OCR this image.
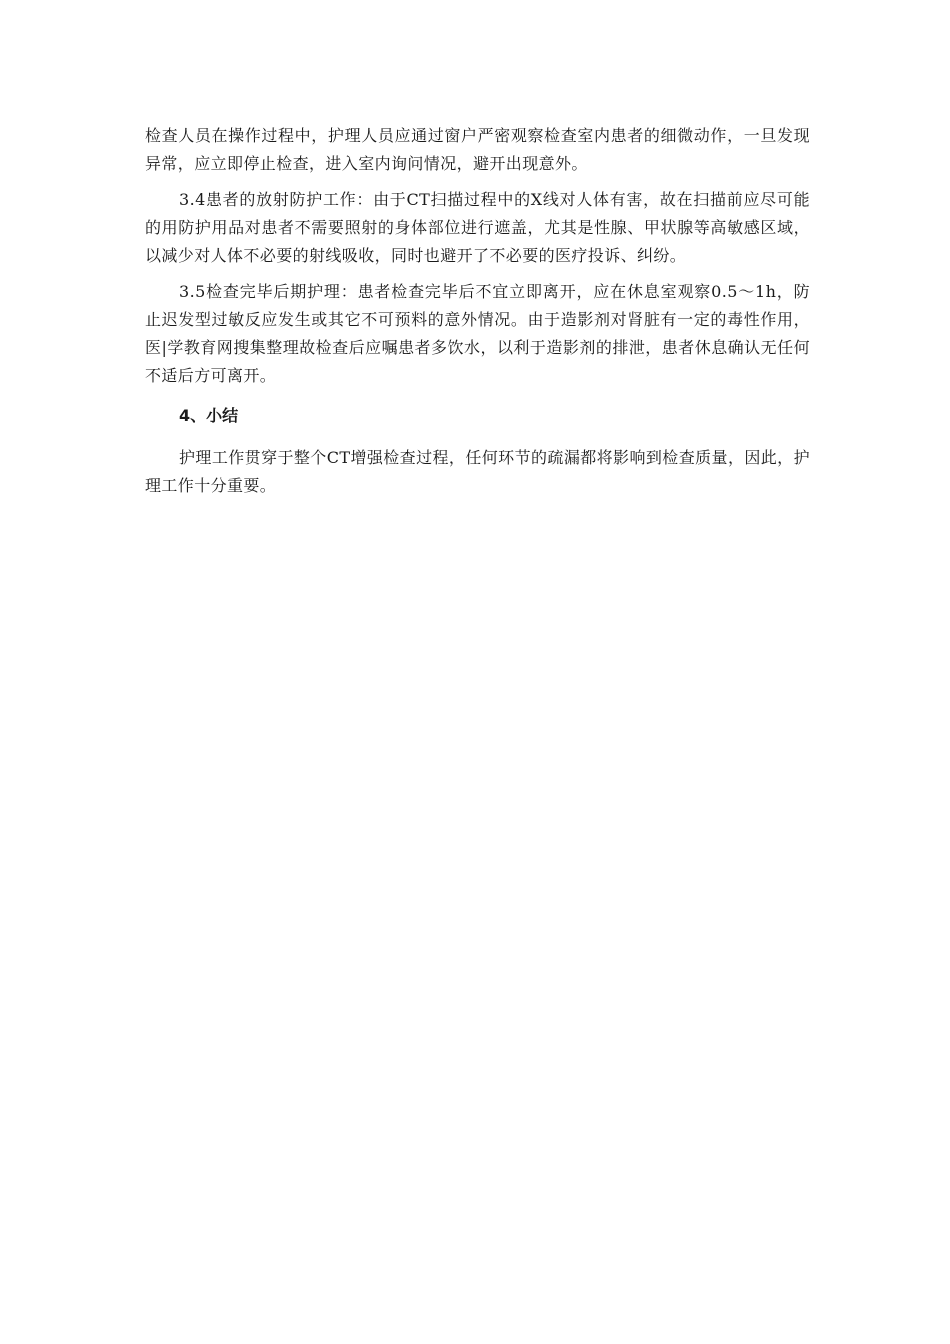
检查人员在操作过程中，护理人员应通过窗户严密观察检查室内患者的细微动作，一旦发现异常，应立即停止检查，进入室内询问情况，避开出现意外。

3.4患者的放射防护工作：由于CT扫描过程中的X线对人体有害，故在扫描前应尽可能的用防护用品对患者不需要照射的身体部位进行遮盖，尤其是性腺、甲状腺等高敏感区域，以减少对人体不必要的射线吸收，同时也避开了不必要的医疗投诉、纠纷。

3.5检查完毕后期护理：患者检查完毕后不宜立即离开，应在休息室观察0.5～1h，防止迟发型过敏反应发生或其它不可预料的意外情况。由于造影剂对肾脏有一定的毒性作用，医|学教育网搜集整理故检查后应嘱患者多饮水，以利于造影剂的排泄，患者休息确认无任何不适后方可离开。

4、小结

护理工作贯穿于整个CT增强检查过程，任何环节的疏漏都将影响到检查质量，因此，护理工作十分重要。
